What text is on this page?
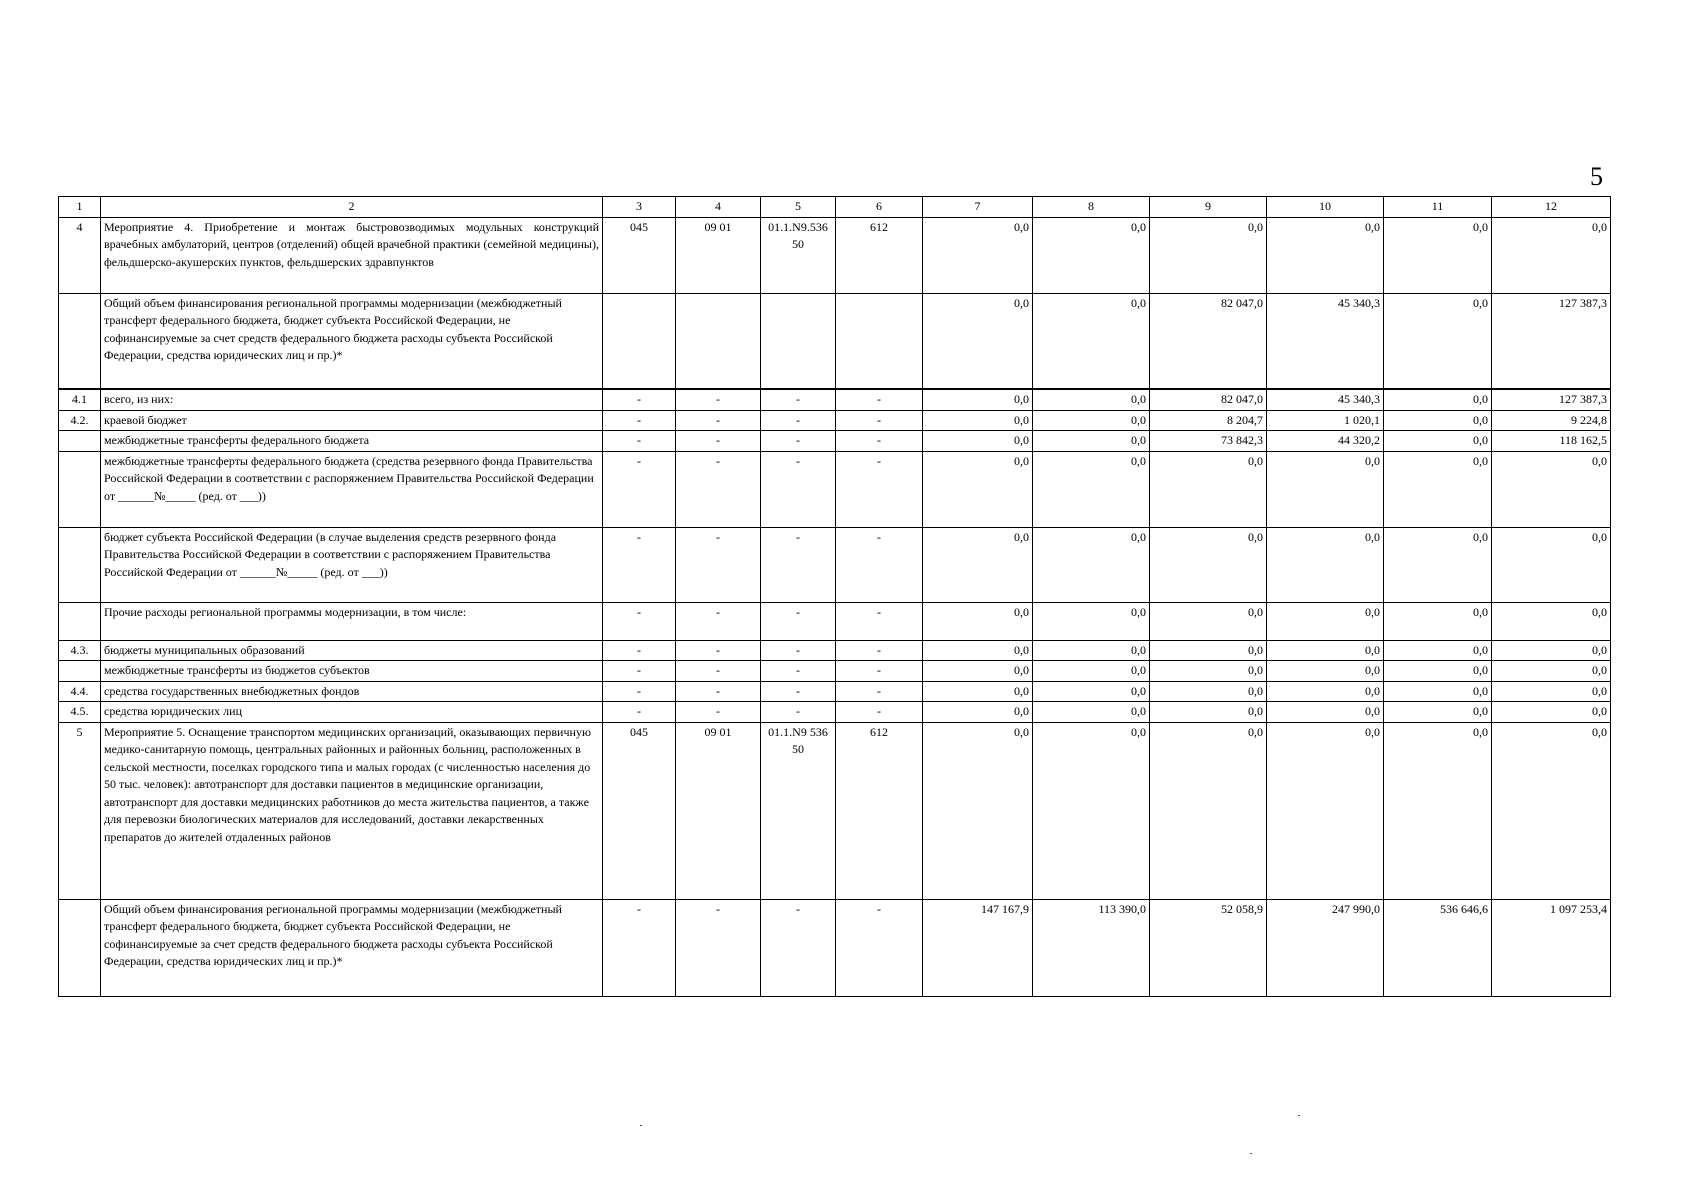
5
1	2	3	4	5	6	7	8	9	10	11	12
4	Мероприятие 4. Приобретение и монтаж быстровозводимых модульных конструкций врачебных амбулаторий, центров (отделений) общей врачебной практики (семейной медицины), фельдшерско-акушерских пунктов, фельдшерских здравпунктов	045	09 01	01.1.N9.536 50	612	0,0	0,0	0,0	0,0	0,0	0,0
	Общий объем финансирования региональной программы модернизации (межбюджетный трансферт федерального бюджета, бюджет субъекта Российской Федерации, не софинансируемые за счет средств федерального бюджета расходы субъекта Российской Федерации, средства юридических лиц и пр.)*					0,0	0,0	82 047,0	45 340,3	0,0	127 387,3
4.1	всего, из них:	-	-	-	-	0,0	0,0	82 047,0	45 340,3	0,0	127 387,3
4.2.	краевой бюджет	-	-	-	-	0,0	0,0	8 204,7	1 020,1	0,0	9 224,8
	межбюджетные трансферты федерального бюджета	-	-	-	-	0,0	0,0	73 842,3	44 320,2	0,0	118 162,5
	межбюджетные трансферты федерального бюджета (средства резервного фонда Правительства Российской Федерации в соответствии с распоряжением Правительства Российской Федерации от ______№_____ (ред. от ___))	-	-	-	-	0,0	0,0	0,0	0,0	0,0	0,0
	бюджет субъекта Российской Федерации (в случае выделения средств резервного фонда Правительства Российской Федерации в соответствии с распоряжением Правительства Российской Федерации от ______№_____ (ред. от ___))	-	-	-	-	0,0	0,0	0,0	0,0	0,0	0,0
	Прочие расходы региональной программы модернизации, в том числе:	-	-	-	-	0,0	0,0	0,0	0,0	0,0	0,0
4.3.	бюджеты муниципальных образований	-	-	-	-	0,0	0,0	0,0	0,0	0,0	0,0
	межбюджетные трансферты из бюджетов субъектов	-	-	-	-	0,0	0,0	0,0	0,0	0,0	0,0
4.4.	средства государственных внебюджетных фондов	-	-	-	-	0,0	0,0	0,0	0,0	0,0	0,0
4.5.	средства юридических лиц	-	-	-	-	0,0	0,0	0,0	0,0	0,0	0,0
5	Мероприятие 5. Оснащение транспортом медицинских организаций, оказывающих первичную медико-санитарную помощь, центральных районных и районных больниц, расположенных в сельской местности, поселках городского типа и малых городах (с численностью населения до 50 тыс. человек): автотранспорт для доставки пациентов в медицинские организации, автотранспорт для доставки медицинских работников до места жительства пациентов, а также для перевозки биологических материалов для исследований, доставки лекарственных препаратов до жителей отдаленных районов	045	09 01	01.1.N9 536 50	612	0,0	0,0	0,0	0,0	0,0	0,0
	Общий объем финансирования региональной программы модернизации (межбюджетный трансферт федерального бюджета, бюджет субъекта Российской Федерации, не софинансируемые за счет средств федерального бюджета расходы субъекта Российской Федерации, средства юридических лиц и пр.)*	-	-	-	-	147 167,9	113 390,0	52 058,9	247 990,0	536 646,6	1 097 253,4
